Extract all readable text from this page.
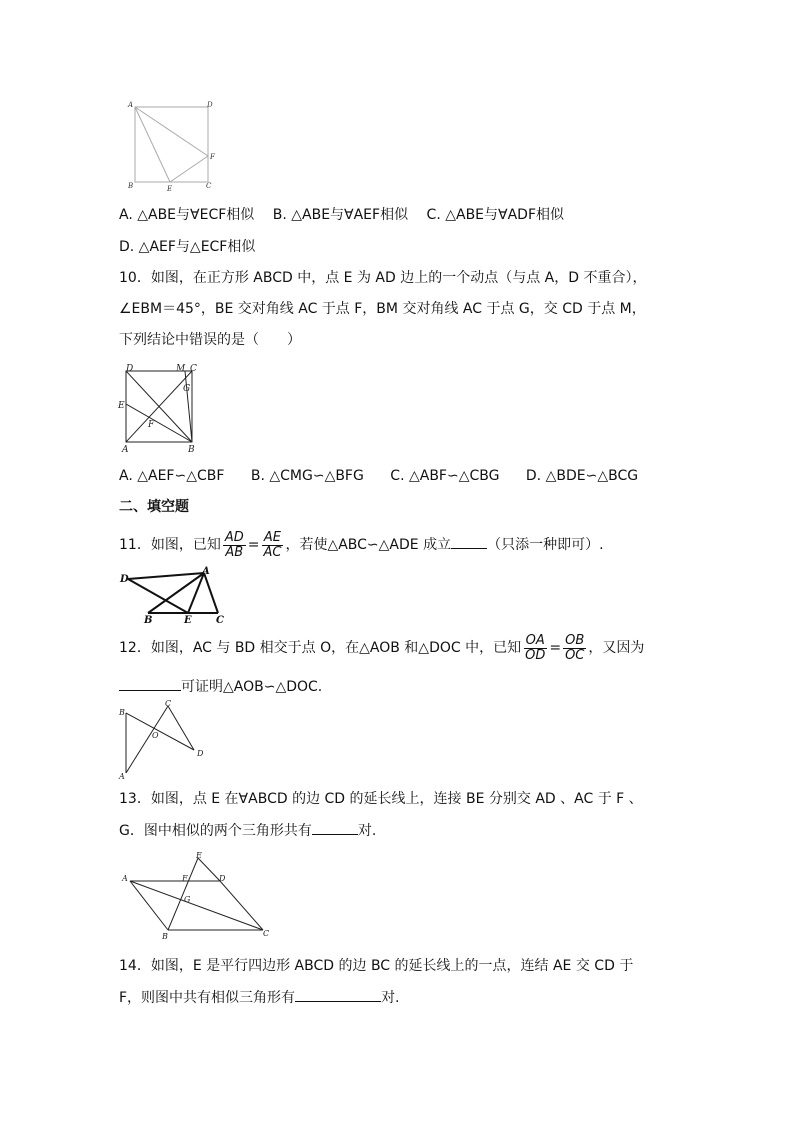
A	D
F
B	E	C
A. △ABE与∀ECF相似 B. △ABE与∀AEF相似 C. △ABE与∀ADF相似
D. △AEF与△ECF相似
10．如图，在正方形 ABCD 中，点 E 为 AD 边上的一个动点（与点 A，D 不重合），
∠EBM＝45°，BE 交对角线 AC 于点 F，BM 交对角线 AC 于点 G，交 CD 于点 M，
下列结论中错误的是（　　）
D	M C
G
E
F
A	B
A. △AEF∽△CBF B. △CMG∽△BFG C. △ABF∽△CBG D. △BDE∽△BCG
二、填空题
11．如图，已知 $\frac{AD}{AB} = \frac{AE}{AC}$ ，若使△ABC∽△ADE 成立	（只添一种即可）.
D
A
B	E C
12．如图，AC 与 BD 相交于点 O，在△AOB 和△DOC 中，已知 $\frac{OA}{OD} = \frac{OB}{OC}$ ，又因为
可证明△AOB∽△DOC.
B
C
O
D
A
13．如图，点 E 在∀ABCD 的边 CD 的延长线上，连接 BE 分别交 AD 、AC 于 F 、
G．图中相似的两个三角形共有	对.
E
A	F	D
G
B	C
14．如图，E 是平行四边形 ABCD 的边 BC 的延长线上的一点，连结 AE 交 CD 于
F，则图中共有相似三角形有	对.
